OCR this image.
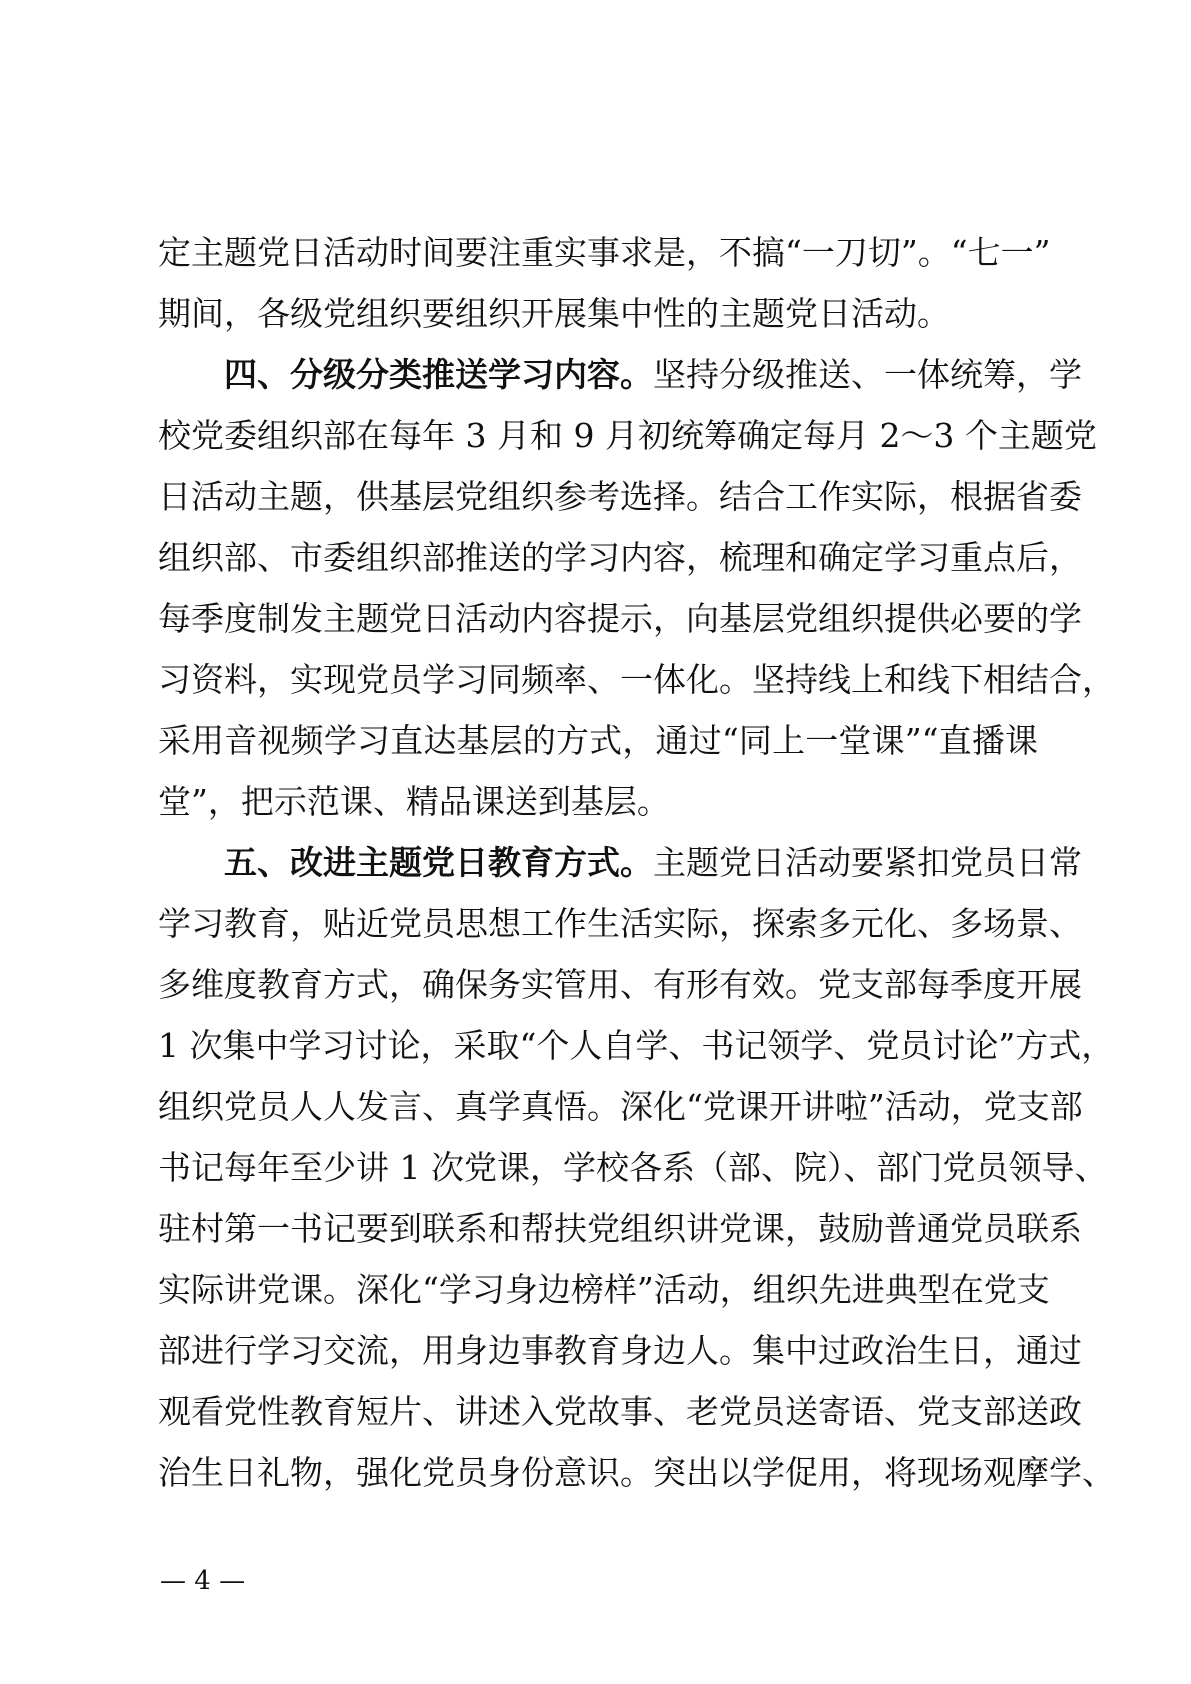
定主题党日活动时间要注重实事求是，不搞“一刀切”。“七一”
期间，各级党组织要组织开展集中性的主题党日活动。
四、分级分类推送学习内容。坚持分级推送、一体统筹，学
校党委组织部在每年 3 月和 9 月初统筹确定每月 2～3 个主题党
日活动主题，供基层党组织参考选择。结合工作实际，根据省委
组织部、市委组织部推送的学习内容，梳理和确定学习重点后，
每季度制发主题党日活动内容提示，向基层党组织提供必要的学
习资料，实现党员学习同频率、一体化。坚持线上和线下相结合，
采用音视频学习直达基层的方式，通过“同上一堂课”“直播课
堂”，把示范课、精品课送到基层。
五、改进主题党日教育方式。主题党日活动要紧扣党员日常
学习教育，贴近党员思想工作生活实际，探索多元化、多场景、
多维度教育方式，确保务实管用、有形有效。党支部每季度开展
1 次集中学习讨论，采取“个人自学、书记领学、党员讨论”方式，
组织党员人人发言、真学真悟。深化“党课开讲啦”活动，党支部
书记每年至少讲 1 次党课，学校各系（部、院）、部门党员领导、
驻村第一书记要到联系和帮扶党组织讲党课，鼓励普通党员联系
实际讲党课。深化“学习身边榜样”活动，组织先进典型在党支
部进行学习交流，用身边事教育身边人。集中过政治生日，通过
观看党性教育短片、讲述入党故事、老党员送寄语、党支部送政
治生日礼物，强化党员身份意识。突出以学促用，将现场观摩学、
— 4 —
